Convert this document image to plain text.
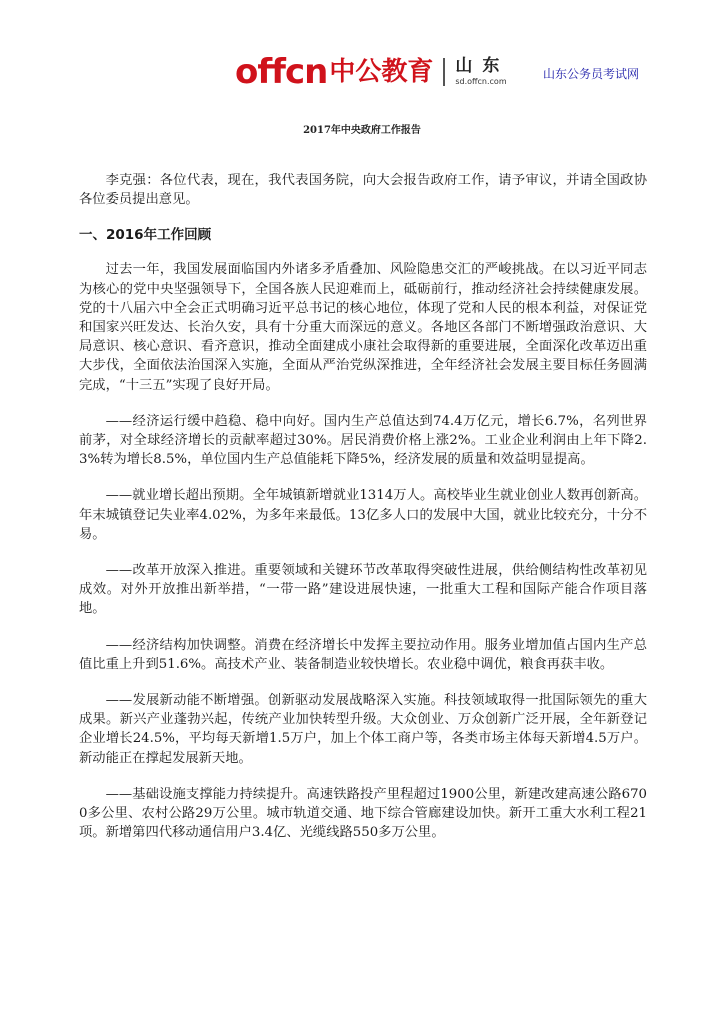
offcn 中公教育 山东
sd.offcn.com
山东公务员考试网
2017年中央政府工作报告

李克强：各位代表，现在，我代表国务院，向大会报告政府工作，请予审议，并请全国政协各位委员提出意见。

一、2016年工作回顾

过去一年，我国发展面临国内外诸多矛盾叠加、风险隐患交汇的严峻挑战。在以习近平同志为核心的党中央坚强领导下，全国各族人民迎难而上，砥砺前行，推动经济社会持续健康发展。党的十八届六中全会正式明确习近平总书记的核心地位，体现了党和人民的根本利益，对保证党和国家兴旺发达、长治久安，具有十分重大而深远的意义。各地区各部门不断增强政治意识、大局意识、核心意识、看齐意识，推动全面建成小康社会取得新的重要进展，全面深化改革迈出重大步伐，全面依法治国深入实施，全面从严治党纵深推进，全年经济社会发展主要目标任务圆满完成，“十三五”实现了良好开局。

——经济运行缓中趋稳、稳中向好。国内生产总值达到74.4万亿元，增长6.7%，名列世界前茅，对全球经济增长的贡献率超过30%。居民消费价格上涨2%。工业企业利润由上年下降2.3%转为增长8.5%，单位国内生产总值能耗下降5%，经济发展的质量和效益明显提高。

——就业增长超出预期。全年城镇新增就业1314万人。高校毕业生就业创业人数再创新高。年末城镇登记失业率4.02%，为多年来最低。13亿多人口的发展中大国，就业比较充分，十分不易。

——改革开放深入推进。重要领域和关键环节改革取得突破性进展，供给侧结构性改革初见成效。对外开放推出新举措，“一带一路”建设进展快速，一批重大工程和国际产能合作项目落地。

——经济结构加快调整。消费在经济增长中发挥主要拉动作用。服务业增加值占国内生产总值比重上升到51.6%。高技术产业、装备制造业较快增长。农业稳中调优，粮食再获丰收。

——发展新动能不断增强。创新驱动发展战略深入实施。科技领域取得一批国际领先的重大成果。新兴产业蓬勃兴起，传统产业加快转型升级。大众创业、万众创新广泛开展，全年新登记企业增长24.5%，平均每天新增1.5万户，加上个体工商户等，各类市场主体每天新增4.5万户。新动能正在撑起发展新天地。

——基础设施支撑能力持续提升。高速铁路投产里程超过1900公里，新建改建高速公路6700多公里、农村公路29万公里。城市轨道交通、地下综合管廊建设加快。新开工重大水利工程21项。新增第四代移动通信用户3.4亿、光缆线路550多万公里。
